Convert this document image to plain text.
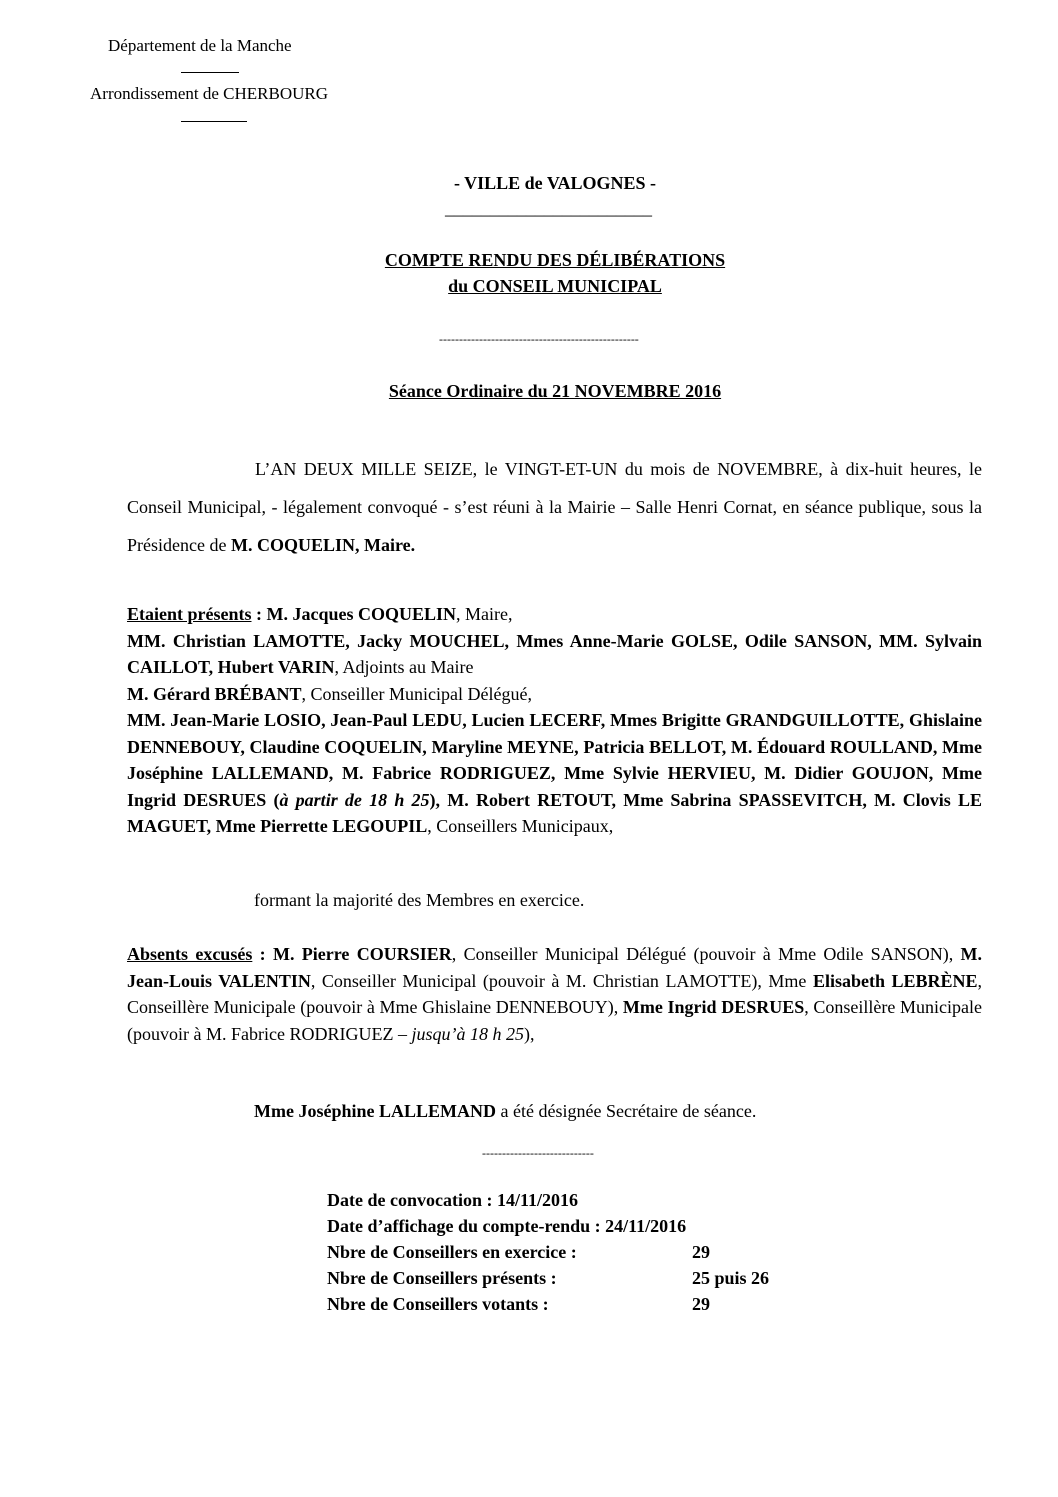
Département de la Manche
Arrondissement de CHERBOURG
- VILLE de VALOGNES -
_______________________
COMPTE RENDU DES DÉLIBÉRATIONS
du CONSEIL MUNICIPAL
--------------------------------------------------
Séance Ordinaire du 21 NOVEMBRE 2016
L’AN DEUX MILLE SEIZE, le VINGT-ET-UN du mois de NOVEMBRE, à dix-huit heures, le Conseil Municipal, - légalement convoqué - s’est réuni à la Mairie – Salle Henri Cornat, en séance publique, sous la Présidence de M. COQUELIN, Maire.
Etaient présents : M. Jacques COQUELIN, Maire,
MM. Christian LAMOTTE, Jacky MOUCHEL, Mmes Anne-Marie GOLSE, Odile SANSON, MM. Sylvain CAILLOT, Hubert VARIN, Adjoints au Maire
M. Gérard BRÉBANT, Conseiller Municipal Délégué,
MM. Jean-Marie LOSIO, Jean-Paul LEDU, Lucien LECERF, Mmes Brigitte GRANDGUILLOTTE, Ghislaine DENNEBOUY, Claudine COQUELIN, Maryline MEYNE, Patricia BELLOT, M. Édouard ROULLAND, Mme Joséphine LALLEMAND, M. Fabrice RODRIGUEZ, Mme Sylvie HERVIEU, M. Didier GOUJON, Mme Ingrid DESRUES (à partir de 18 h 25), M. Robert RETOUT, Mme Sabrina SPASSEVITCH, M. Clovis LE MAGUET, Mme Pierrette LEGOUPIL, Conseillers Municipaux,
formant la majorité des Membres en exercice.
Absents excusés : M. Pierre COURSIER, Conseiller Municipal Délégué (pouvoir à Mme Odile SANSON), M. Jean-Louis VALENTIN, Conseiller Municipal (pouvoir à M. Christian LAMOTTE), Mme Elisabeth LEBRÈNE, Conseillère Municipale (pouvoir à Mme Ghislaine DENNEBOUY), Mme Ingrid DESRUES, Conseillère Municipale (pouvoir à M. Fabrice RODRIGUEZ – jusqu’à 18 h 25),
Mme Joséphine LALLEMAND a été désignée Secrétaire de séance.
----------------------------
Date de convocation : 14/11/2016
Date d’affichage du compte-rendu : 24/11/2016
Nbre de Conseillers en exercice :	29
Nbre de Conseillers présents :	25 puis 26
Nbre de Conseillers votants :	29
